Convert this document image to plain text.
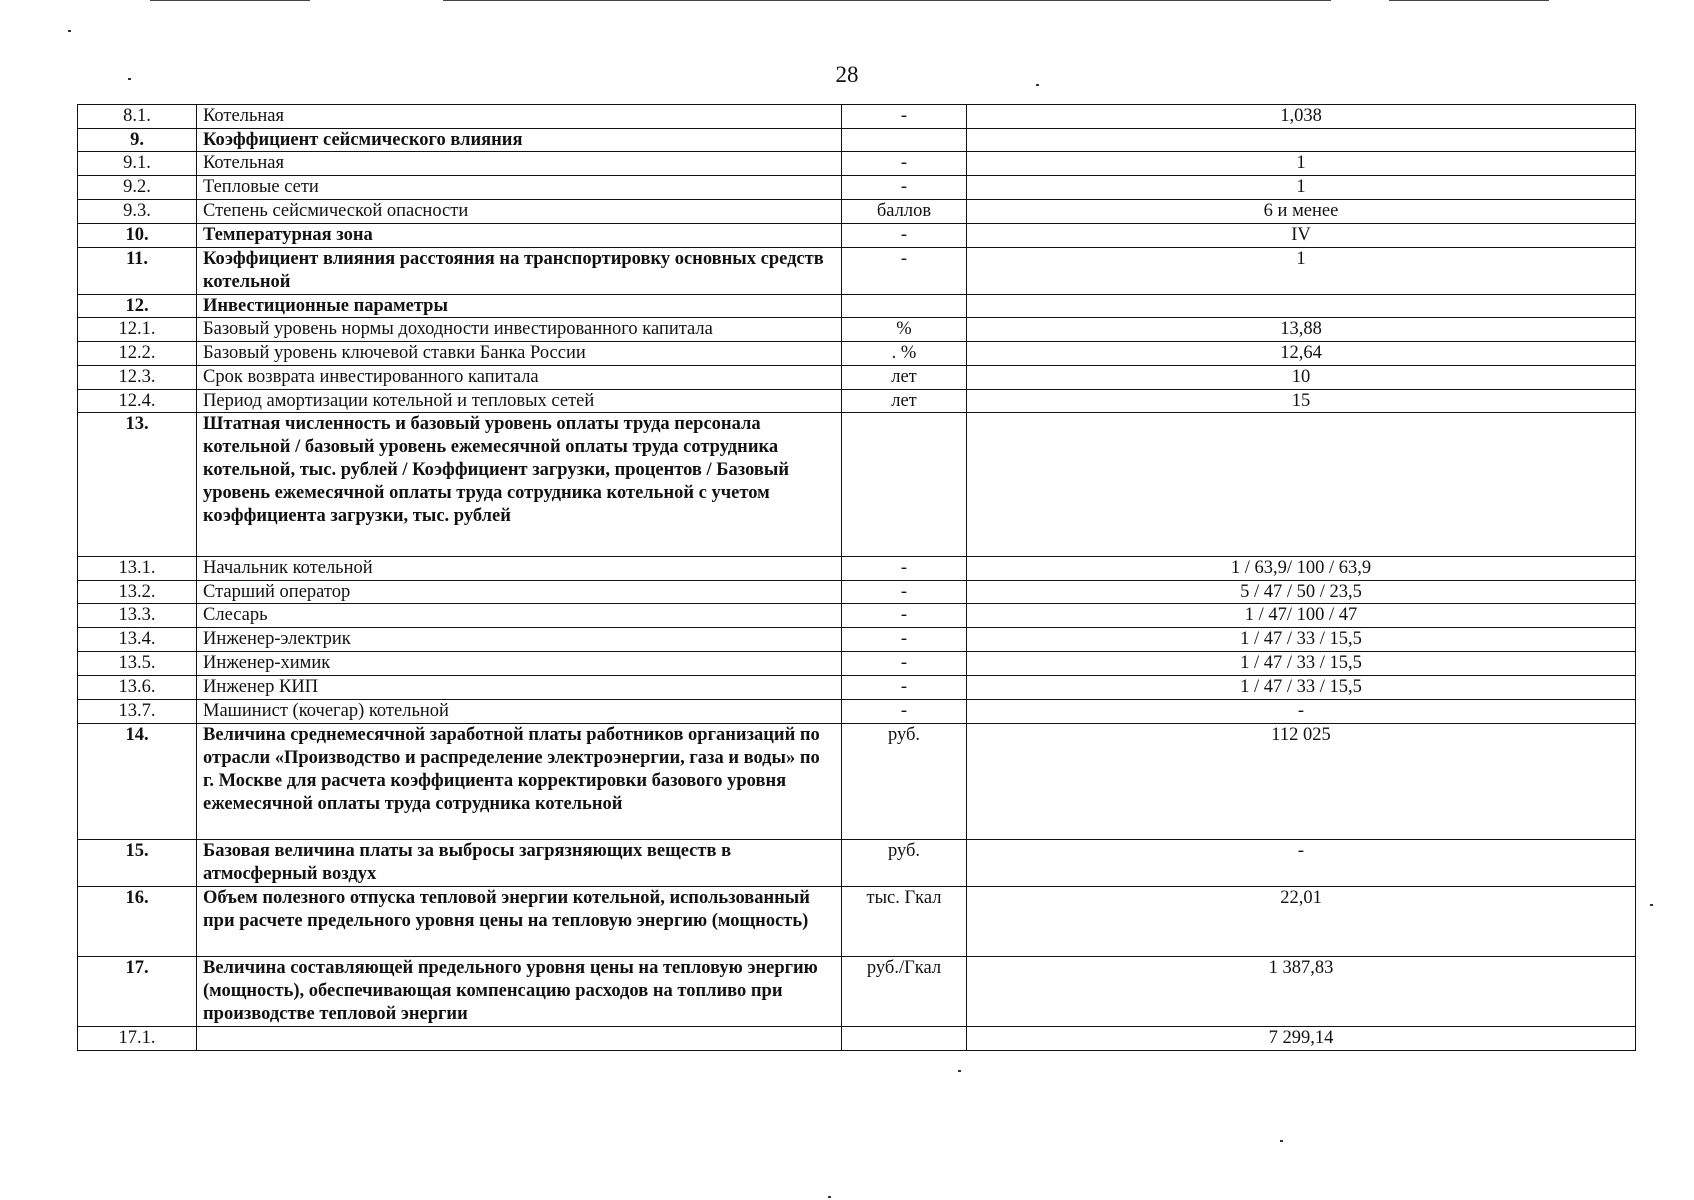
28
8.1.	Котельная	-	1,038
9.	Коэффициент сейсмического влияния		
9.1.	Котельная	-	1
9.2.	Тепловые сети	-	1
9.3.	Степень сейсмической опасности	баллов	6 и менее
10.	Температурная зона	-	IV
11.	Коэффициент влияния расстояния на транспортировку основных средств котельной	-	1
12.	Инвестиционные параметры		
12.1.	Базовый уровень нормы доходности инвестированного капитала	%	13,88
12.2.	Базовый уровень ключевой ставки Банка России	. %	12,64
12.3.	Срок возврата инвестированного капитала	лет	10
12.4.	Период амортизации котельной и тепловых сетей	лет	15
13.	Штатная численность и базовый уровень оплаты труда персонала котельной / базовый уровень ежемесячной оплаты труда сотрудника котельной, тыс. рублей / Коэффициент загрузки, процентов / Базовый уровень ежемесячной оплаты труда сотрудника котельной с учетом коэффициента загрузки, тыс. рублей		
13.1.	Начальник котельной	-	1 / 63,9/ 100 / 63,9
13.2.	Старший оператор	-	5 / 47 / 50 / 23,5
13.3.	Слесарь	-	1 / 47/ 100 / 47
13.4.	Инженер-электрик	-	1 / 47 / 33 / 15,5
13.5.	Инженер-химик	-	1 / 47 / 33 / 15,5
13.6.	Инженер КИП	-	1 / 47 / 33 / 15,5
13.7.	Машинист (кочегар) котельной	-	-
14.	Величина среднемесячной заработной платы работников организаций по отрасли «Производство и распределение электроэнергии, газа и воды» по г. Москве для расчета коэффициента корректировки базового уровня ежемесячной оплаты труда сотрудника котельной	руб.	112 025
15.	Базовая величина платы за выбросы загрязняющих веществ в атмосферный воздух	руб.	-
16.	Объем полезного отпуска тепловой энергии котельной, использованный при расчете предельного уровня цены на тепловую энергию (мощность)	тыс. Гкал	22,01
17.	Величина составляющей предельного уровня цены на тепловую энергию (мощность), обеспечивающая компенсацию расходов на топливо при производстве тепловой энергии	руб./Гкал	1 387,83
17.1.			7 299,14
